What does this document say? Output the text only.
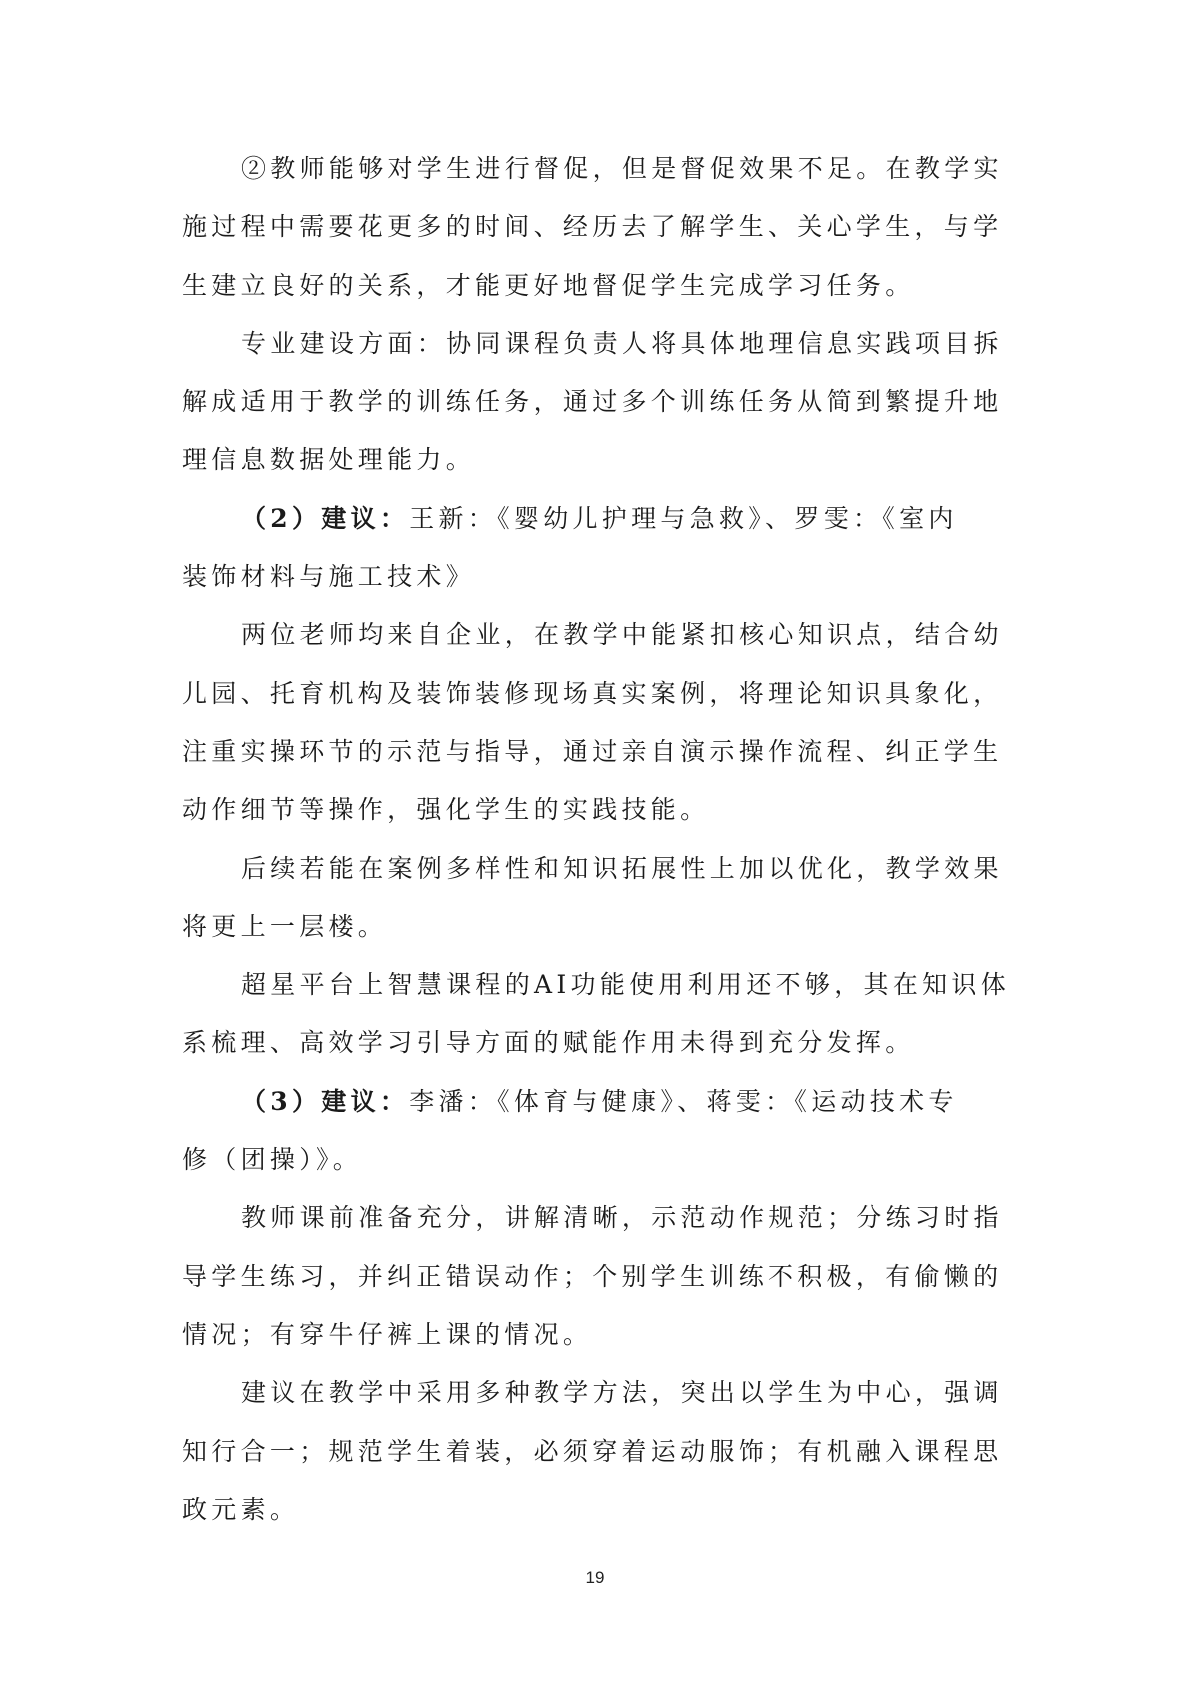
②教师能够对学生进行督促，但是督促效果不足。在教学实
施过程中需要花更多的时间、经历去了解学生、关心学生，与学
生建立良好的关系，才能更好地督促学生完成学习任务。
专业建设方面：协同课程负责人将具体地理信息实践项目拆
解成适用于教学的训练任务，通过多个训练任务从简到繁提升地
理信息数据处理能力。
（2）建议：王新：《婴幼儿护理与急救》、罗雯：《室内
装饰材料与施工技术》
两位老师均来自企业，在教学中能紧扣核心知识点，结合幼
儿园、托育机构及装饰装修现场真实案例，将理论知识具象化，
注重实操环节的示范与指导，通过亲自演示操作流程、纠正学生
动作细节等操作，强化学生的实践技能。
后续若能在案例多样性和知识拓展性上加以优化，教学效果
将更上一层楼。
超星平台上智慧课程的AI功能使用利用还不够，其在知识体
系梳理、高效学习引导方面的赋能作用未得到充分发挥。
（3）建议：李潘：《体育与健康》、蒋雯：《运动技术专
修（团操）》。
教师课前准备充分，讲解清晰，示范动作规范；分练习时指
导学生练习，并纠正错误动作；个别学生训练不积极，有偷懒的
情况；有穿牛仔裤上课的情况。
建议在教学中采用多种教学方法，突出以学生为中心，强调
知行合一；规范学生着装，必须穿着运动服饰；有机融入课程思
政元素。
19
